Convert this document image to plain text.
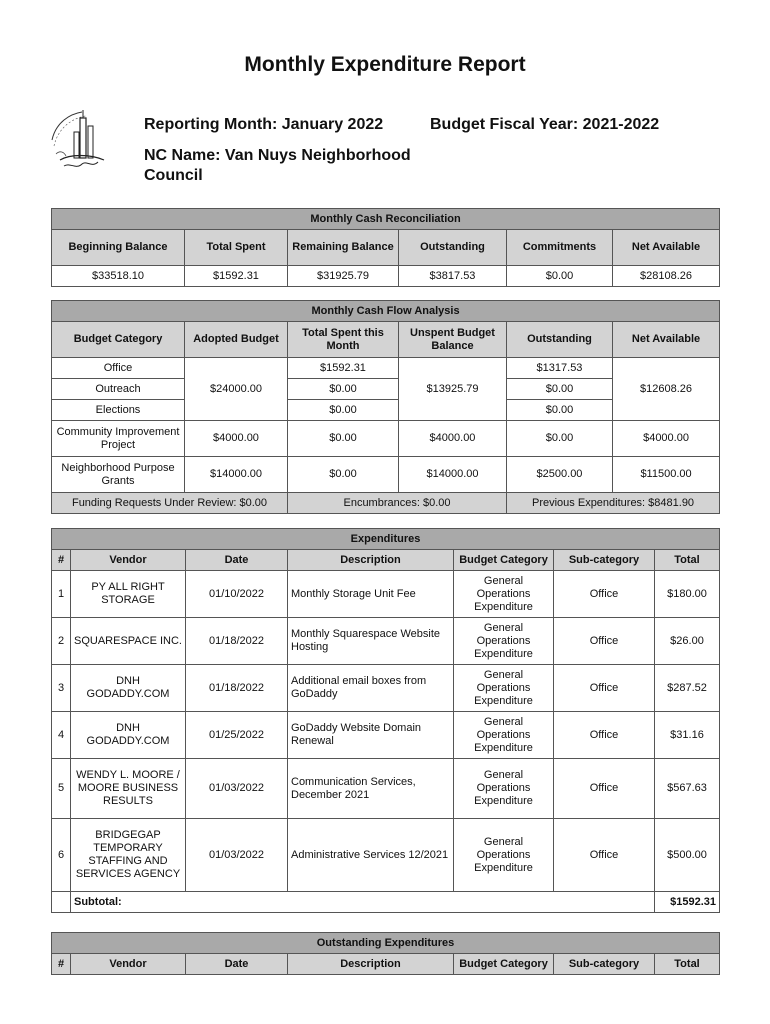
Monthly Expenditure Report
Reporting Month: January 2022	Budget Fiscal Year: 2021-2022
NC Name: Van Nuys Neighborhood Council
Monthly Cash Reconciliation					
Beginning Balance	Total Spent	Remaining Balance	Outstanding	Commitments	Net Available
$33518.10	$1592.31	$31925.79	$3817.53	$0.00	$28108.26
Monthly Cash Flow Analysis					
Budget Category	Adopted Budget	Total Spent this Month	Unspent Budget Balance	Outstanding	Net Available
Office	$24000.00	$1592.31	$13925.79	$1317.53	$12608.26
Outreach		$0.00		$0.00	
Elections		$0.00		$0.00	
Community Improvement Project	$4000.00	$0.00	$4000.00	$0.00	$4000.00
Neighborhood Purpose Grants	$14000.00	$0.00	$14000.00	$2500.00	$11500.00
Funding Requests Under Review: $0.00		Encumbrances: $0.00		Previous Expenditures: $8481.90	
Expenditures						
#	Vendor	Date	Description	Budget Category	Sub-category	Total
1	PY ALL RIGHT STORAGE	01/10/2022	Monthly Storage Unit Fee	General Operations Expenditure	Office	$180.00
2	SQUARESPACE INC.	01/18/2022	Monthly Squarespace Website Hosting	General Operations Expenditure	Office	$26.00
3	DNH GODADDY.COM	01/18/2022	Additional email boxes from GoDaddy	General Operations Expenditure	Office	$287.52
4	DNH GODADDY.COM	01/25/2022	GoDaddy Website Domain Renewal	General Operations Expenditure	Office	$31.16
5	WENDY L. MOORE / MOORE BUSINESS RESULTS	01/03/2022	Communication Services, December 2021	General Operations Expenditure	Office	$567.63
6	BRIDGEGAP TEMPORARY STAFFING AND SERVICES AGENCY	01/03/2022	Administrative Services 12/2021	General Operations Expenditure	Office	$500.00
	Subtotal:					$1592.31
Outstanding Expenditures
#	Vendor	Date	Description	Budget Category	Sub-category	Total
